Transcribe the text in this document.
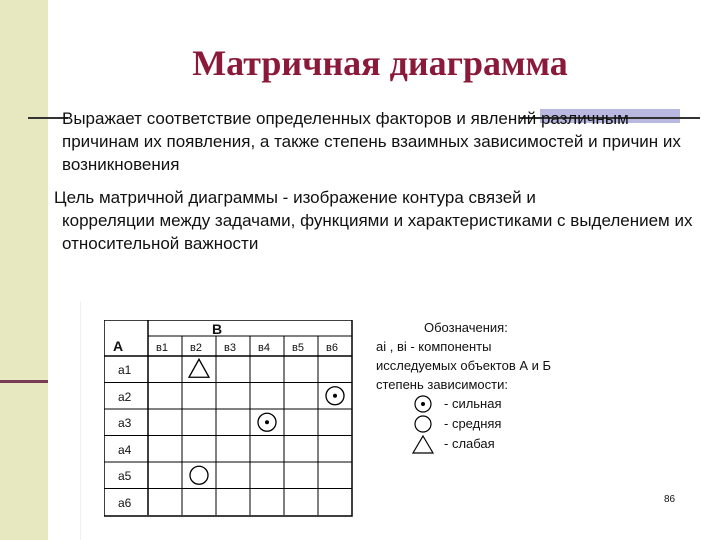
Матричная диаграмма
Выражает соответствие определенных факторов и явлений различным причинам их появления, а также степень взаимных зависимостей и причин их возникновения
Цель матричной диаграммы - изображение контура связей и
корреляции между задачами, функциями и характеристиками с выделением их относительной важности
А
В
в1 в2 в3 в4 в5 в6
а1
а2
а3
а4
а5
а6
Обозначения:
аi , вi - компоненты
исследуемых объектов А и Б
степень зависимости:
- сильная
- средняя
- слабая
86
